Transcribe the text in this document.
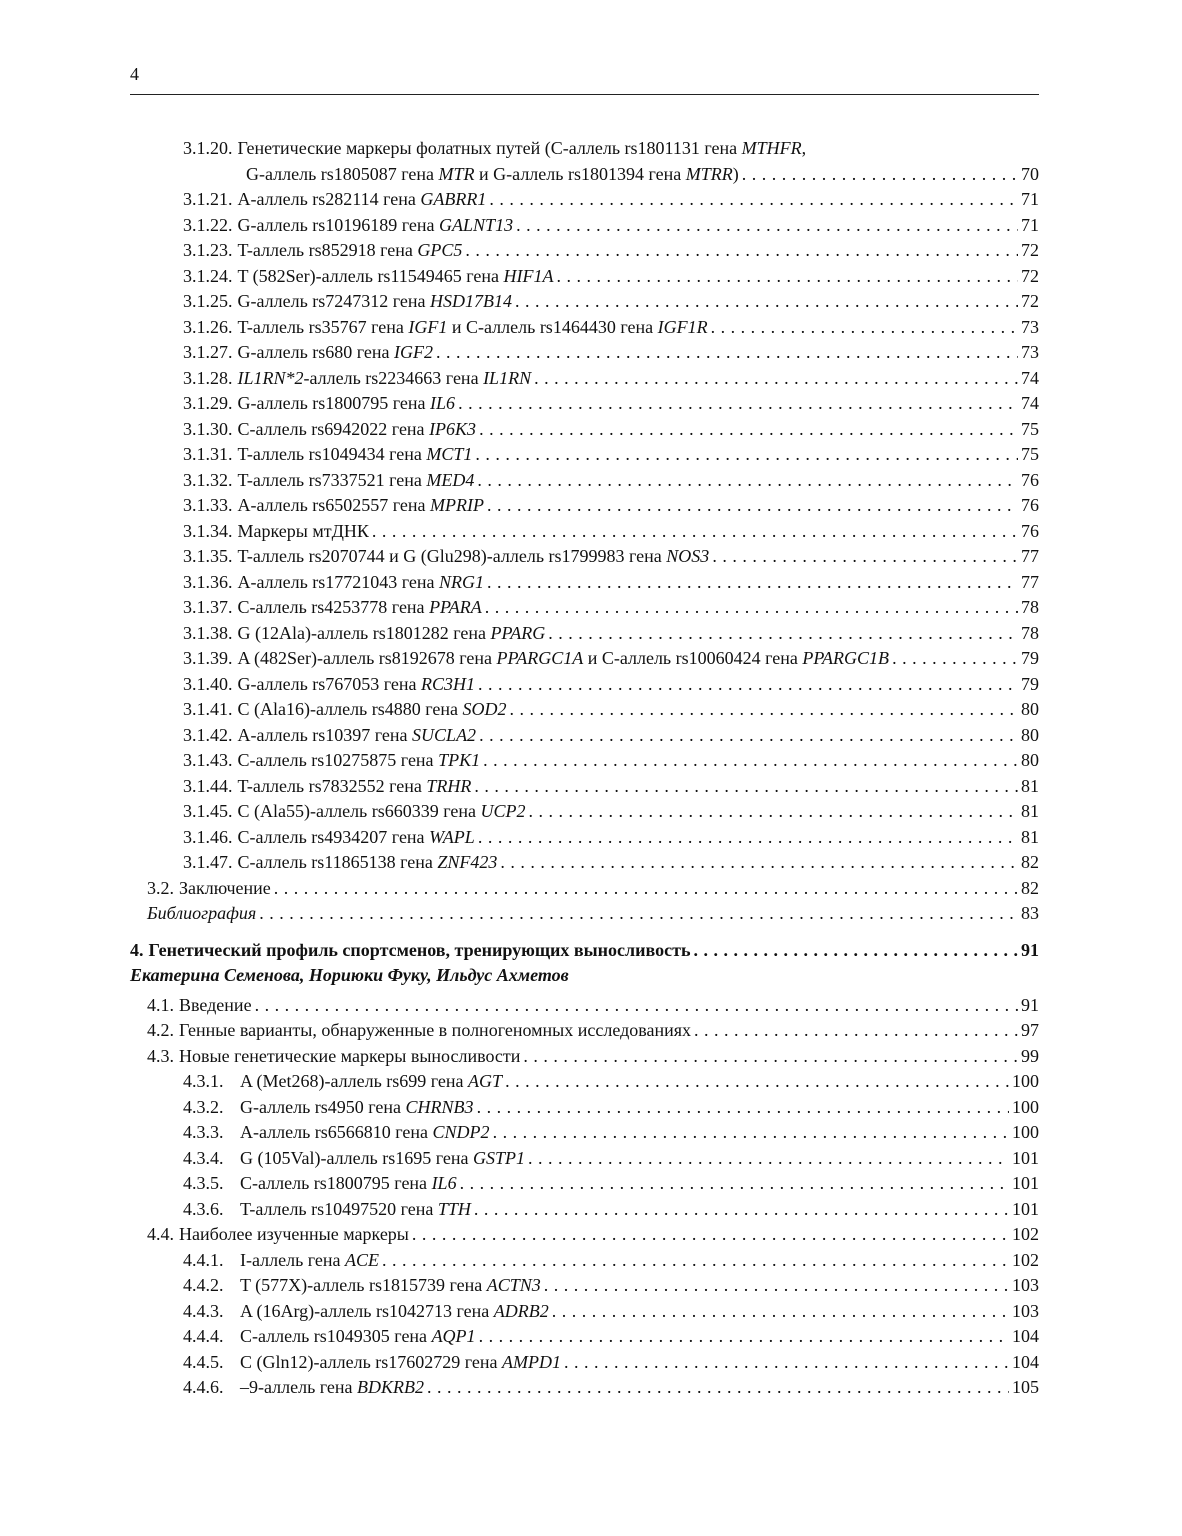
4
3.1.20. Генетические маркеры фолатных путей (C-аллель rs1801131 гена MTHFR,
G-аллель rs1805087 гена MTR и G-аллель rs1801394 гена MTRR) . . .	70
3.1.21. A-аллель rs282114 гена GABRR1 . . .	71
3.1.22. G-аллель rs10196189 гена GALNT13 . . .	71
3.1.23. T-аллель rs852918 гена GPC5 . . .	72
3.1.24. T (582Ser)-аллель rs11549465 гена HIF1A . . .	72
3.1.25. G-аллель rs7247312 гена HSD17B14 . . .	72
3.1.26. T-аллель rs35767 гена IGF1 и C-аллель rs1464430 гена IGF1R . . .	73
3.1.27. G-аллель rs680 гена IGF2 . . .	73
3.1.28. IL1RN*2-аллель rs2234663 гена IL1RN . . .	74
3.1.29. G-аллель rs1800795 гена IL6 . . .	74
3.1.30. C-аллель rs6942022 гена IP6K3 . . .	75
3.1.31. T-аллель rs1049434 гена MCT1 . . .	75
3.1.32. T-аллель rs7337521 гена MED4 . . .	76
3.1.33. A-аллель rs6502557 гена MPRIP . . .	76
3.1.34. Маркеры мтДНК . . .	76
3.1.35. T-аллель rs2070744 и G (Glu298)-аллель rs1799983 гена NOS3 . . .	77
3.1.36. A-аллель rs17721043 гена NRG1 . . .	77
3.1.37. C-аллель rs4253778 гена PPARA . . .	78
3.1.38. G (12Ala)-аллель rs1801282 гена PPARG . . .	78
3.1.39. A (482Ser)-аллель rs8192678 гена PPARGC1A и C-аллель rs10060424 гена PPARGC1B . . .	79
3.1.40. G-аллель rs767053 гена RC3H1 . . .	79
3.1.41. C (Ala16)-аллель rs4880 гена SOD2 . . .	80
3.1.42. A-аллель rs10397 гена SUCLA2 . . .	80
3.1.43. C-аллель rs10275875 гена TPK1 . . .	80
3.1.44. T-аллель rs7832552 гена TRHR . . .	81
3.1.45. C (Ala55)-аллель rs660339 гена UCP2 . . .	81
3.1.46. C-аллель rs4934207 гена WAPL . . .	81
3.1.47. C-аллель rs11865138 гена ZNF423 . . .	82
3.2. Заключение . . .	82
Библиография . . .	83
4. Генетический профиль спортсменов, тренирующих выносливость . . .	91
Екатерина Семенова, Нориюки Фуку, Ильдус Ахметов
4.1. Введение . . .	91
4.2. Генные варианты, обнаруженные в полногеномных исследованиях . . .	97
4.3. Новые генетические маркеры выносливости . . .	99
4.3.1. A (Met268)-аллель rs699 гена AGT . . .	100
4.3.2. G-аллель rs4950 гена CHRNB3 . . .	100
4.3.3. A-аллель rs6566810 гена CNDP2 . . .	100
4.3.4. G (105Val)-аллель rs1695 гена GSTP1 . . .	101
4.3.5. C-аллель rs1800795 гена IL6 . . .	101
4.3.6. T-аллель rs10497520 гена TTH . . .	101
4.4. Наиболее изученные маркеры . . .	102
4.4.1. I-аллель гена ACE . . .	102
4.4.2. T (577X)-аллель rs1815739 гена ACTN3 . . .	103
4.4.3. A (16Arg)-аллель rs1042713 гена ADRB2 . . .	103
4.4.4. C-аллель rs1049305 гена AQP1 . . .	104
4.4.5. C (Gln12)-аллель rs17602729 гена AMPD1 . . .	104
4.4.6. –9-аллель гена BDKRB2 . . .	105
